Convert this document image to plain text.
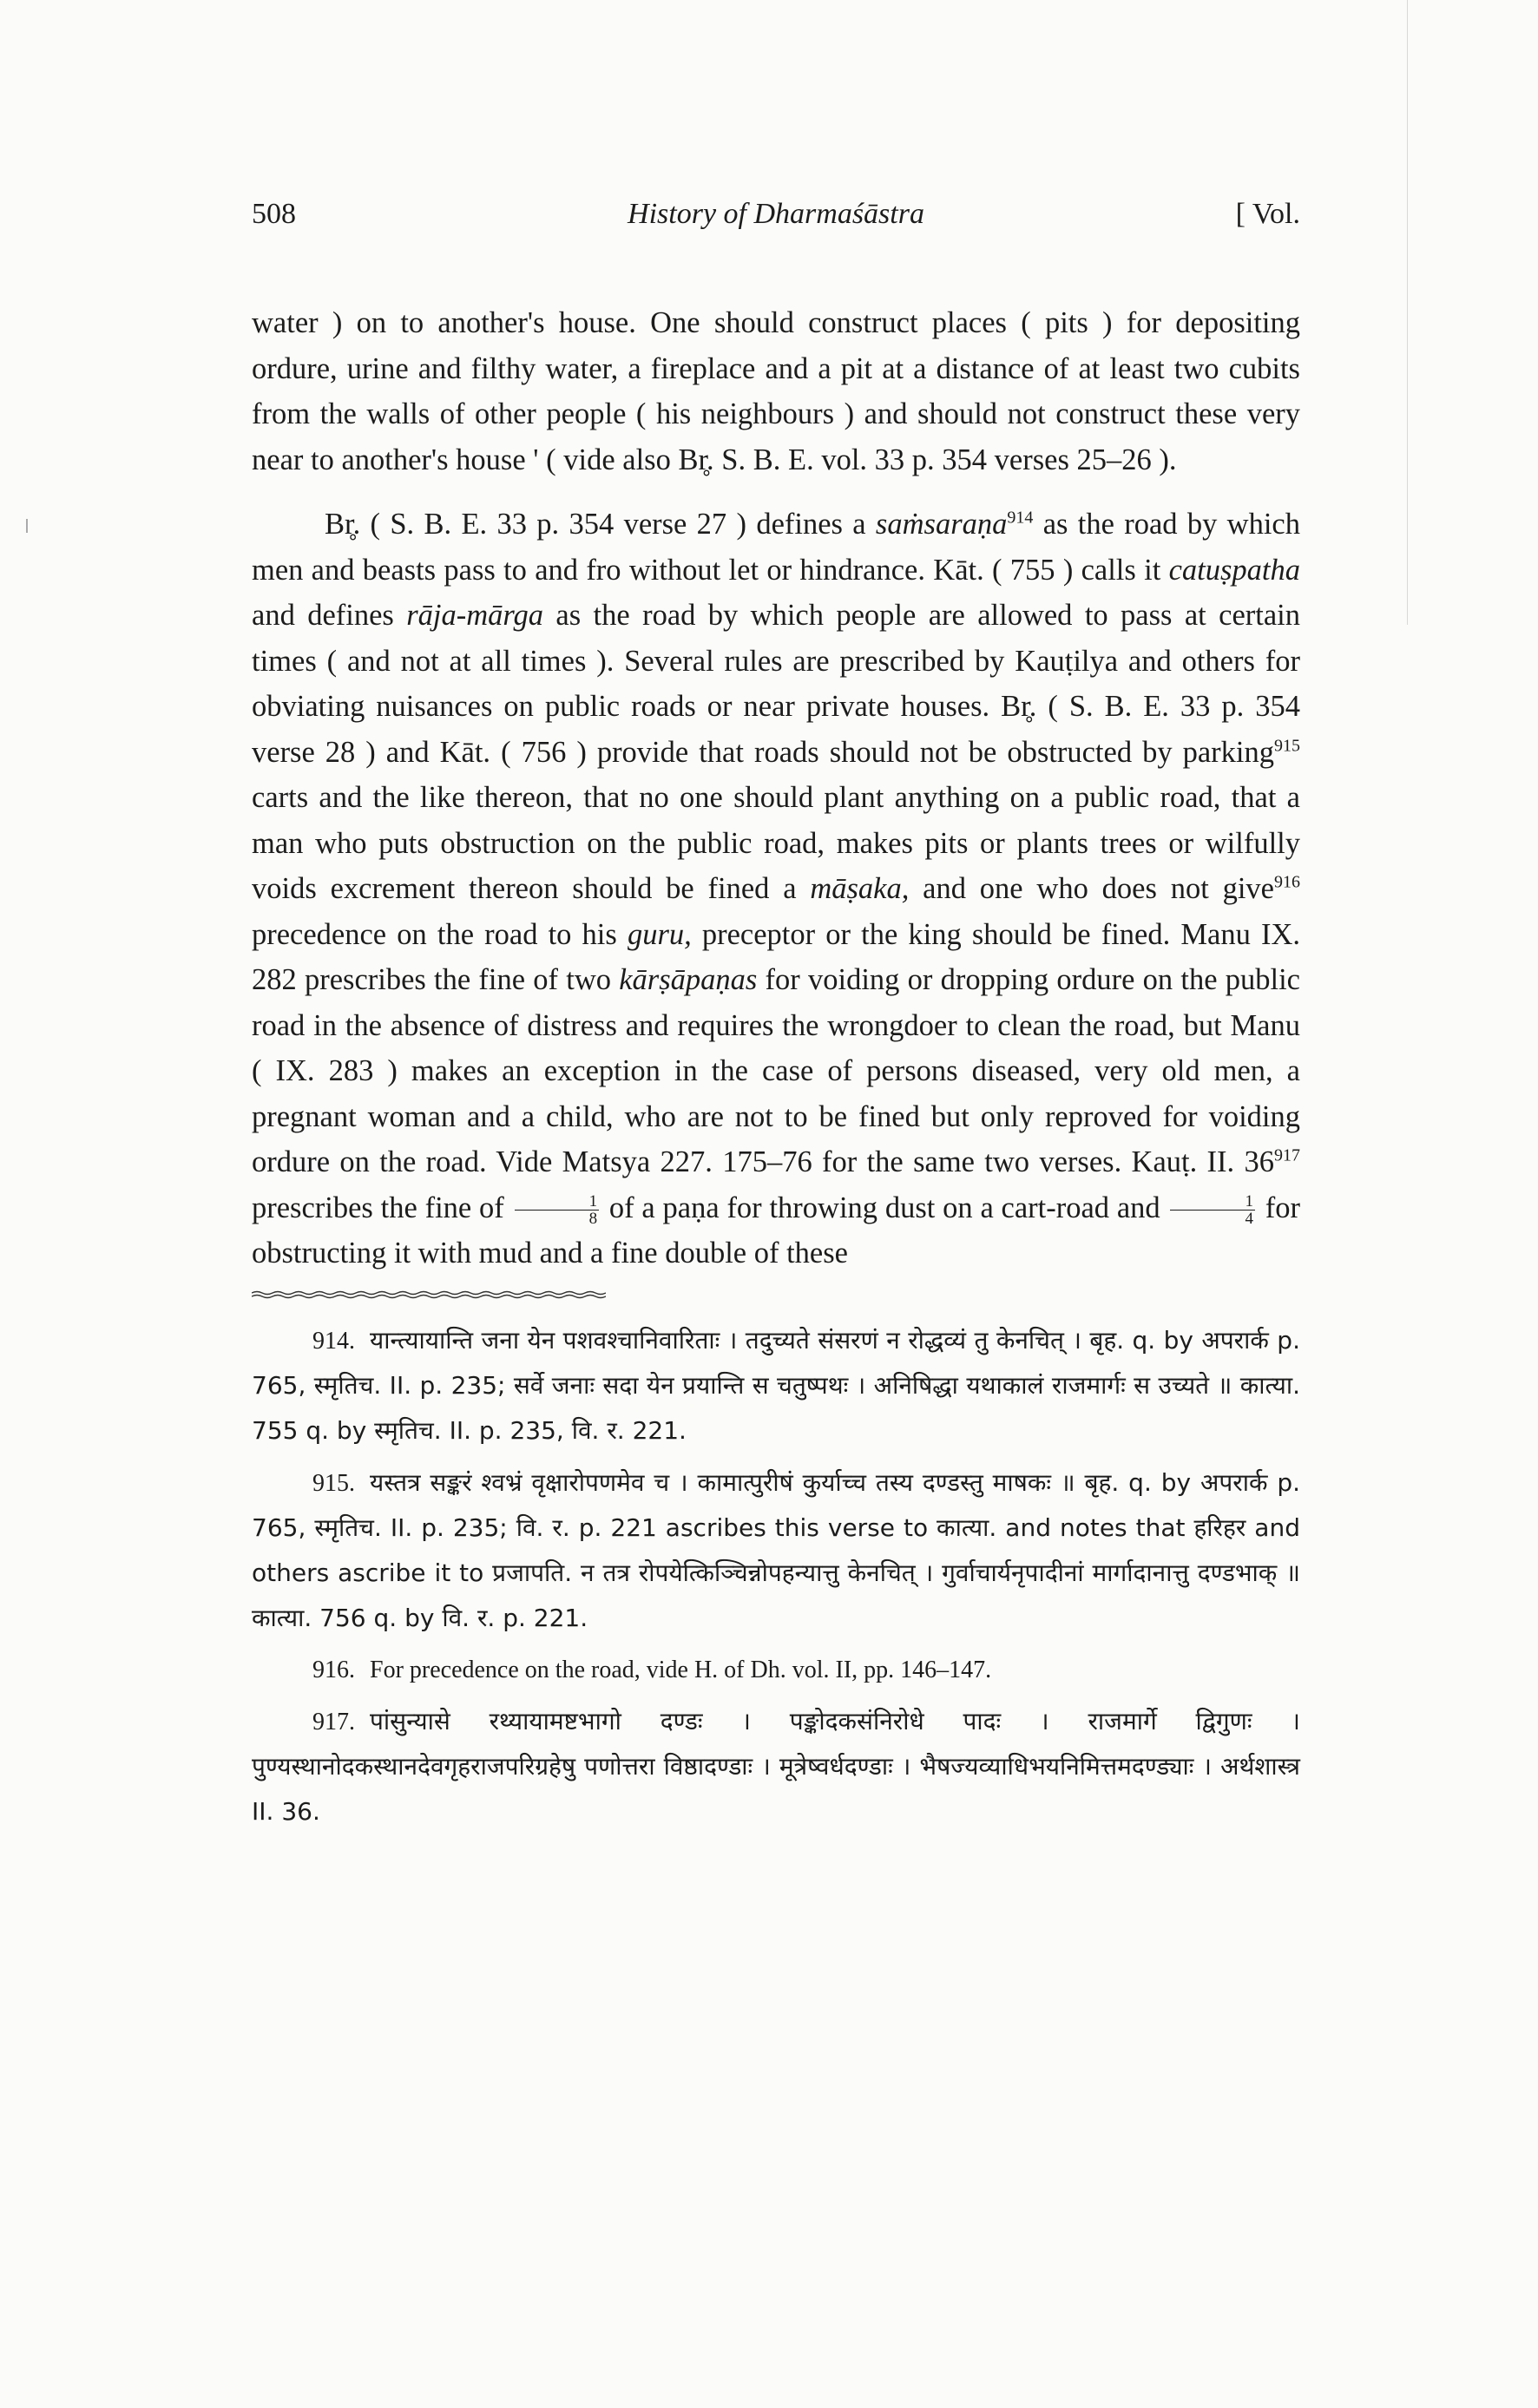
508	History of Dharmaśāstra	[ Vol.

water ) on to another's house. One should construct places ( pits ) for depositing ordure, urine and filthy water, a fireplace and a pit at a distance of at least two cubits from the walls of other people ( his neighbours ) and should not construct these very near to another's house ' ( vide also Br̥. S. B. E. vol. 33 p. 354 verses 25–26 ).

Br̥. ( S. B. E. 33 p. 354 verse 27 ) defines a saṁsaraṇa$^{914}$ as the road by which men and beasts pass to and fro without let or hindrance. Kāt. ( 755 ) calls it catuṣpatha and defines rāja-mārga as the road by which people are allowed to pass at certain times ( and not at all times ). Several rules are prescribed by Kauṭilya and others for obviating nuisances on public roads or near private houses. Br̥. ( S. B. E. 33 p. 354 verse 28 ) and Kāt. ( 756 ) provide that roads should not be obstructed by parking$^{915}$ carts and the like thereon, that no one should plant anything on a public road, that a man who puts obstruction on the public road, makes pits or plants trees or wilfully voids excrement thereon should be fined a māṣaka, and one who does not give$^{916}$ precedence on the road to his guru, preceptor or the king should be fined. Manu IX. 282 prescribes the fine of two kārṣāpaṇas for voiding or dropping ordure on the public road in the absence of distress and requires the wrongdoer to clean the road, but Manu ( IX. 283 ) makes an exception in the case of persons diseased, very old men, a pregnant woman and a child, who are not to be fined but only reproved for voiding ordure on the road. Vide Matsya 227. 175–76 for the same two verses. Kauṭ. II. 36$^{917}$ prescribes the fine of $\frac{1}{8}$ of a paṇa for throwing dust on a cart-road and $\frac{1}{4}$ for obstructing it with mud and a fine double of these

914. यान्त्यायान्ति जना येन पशवश्चानिवारिताः । तदुच्यते संसरणं न रोद्धव्यं तु केनचित् । बृह. q. by अपरार्क p. 765, स्मृतिच. II. p. 235; सर्वे जनाः सदा येन प्रयान्ति स चतुष्पथः । अनिषिद्धा यथाकालं राजमार्गः स उच्यते ॥ कात्या. 755 q. by स्मृतिच. II. p. 235, वि. र. 221.

915. यस्तत्र सङ्करं श्वभ्रं वृक्षारोपणमेव च । कामात्पुरीषं कुर्याच्च तस्य दण्डस्तु माषकः ॥ बृह. q. by अपरार्क p. 765, स्मृतिच. II. p. 235; वि. र. p. 221 ascribes this verse to कात्या. and notes that हरिहर and others ascribe it to प्रजापति. न तत्र रोपयेत्किञ्चिन्नोपहन्यात्तु केनचित् । गुर्वाचार्यनृपादीनां मार्गादानात्तु दण्डभाक् ॥ कात्या. 756 q. by वि. र. p. 221.

916. For precedence on the road, vide H. of Dh. vol. II, pp. 146–147.

917. पांसुन्यासे रथ्यायामष्टभागो दण्डः । पङ्कोदकसंनिरोधे पादः । राजमार्गे द्विगुणः । पुण्यस्थानोदकस्थानदेवगृहराजपरिग्रहेषु पणोत्तरा विष्ठादण्डाः । मूत्रेष्वर्धदण्डाः । भैषज्यव्याधिभयनिमित्तमदण्ड्याः । अर्थशास्त्र II. 36.
